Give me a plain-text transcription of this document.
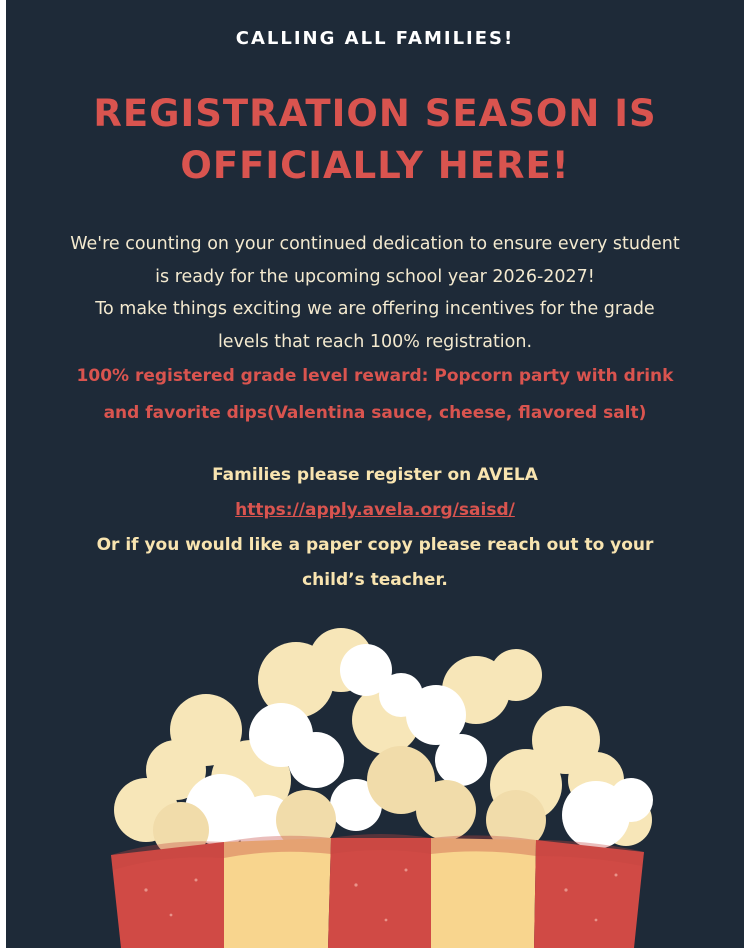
CALLING ALL FAMILIES!
REGISTRATION SEASON IS
OFFICIALLY HERE!
We're counting on your continued dedication to ensure every student
is ready for the upcoming school year 2026-2027!
To make things exciting we are offering incentives for the grade
levels that reach 100% registration.
100% registered grade level reward: Popcorn party with drink
and favorite dips(Valentina sauce, cheese, flavored salt)
Families please register on AVELA
https://apply.avela.org/saisd/
Or if you would like a paper copy please reach out to your
child’s teacher.
